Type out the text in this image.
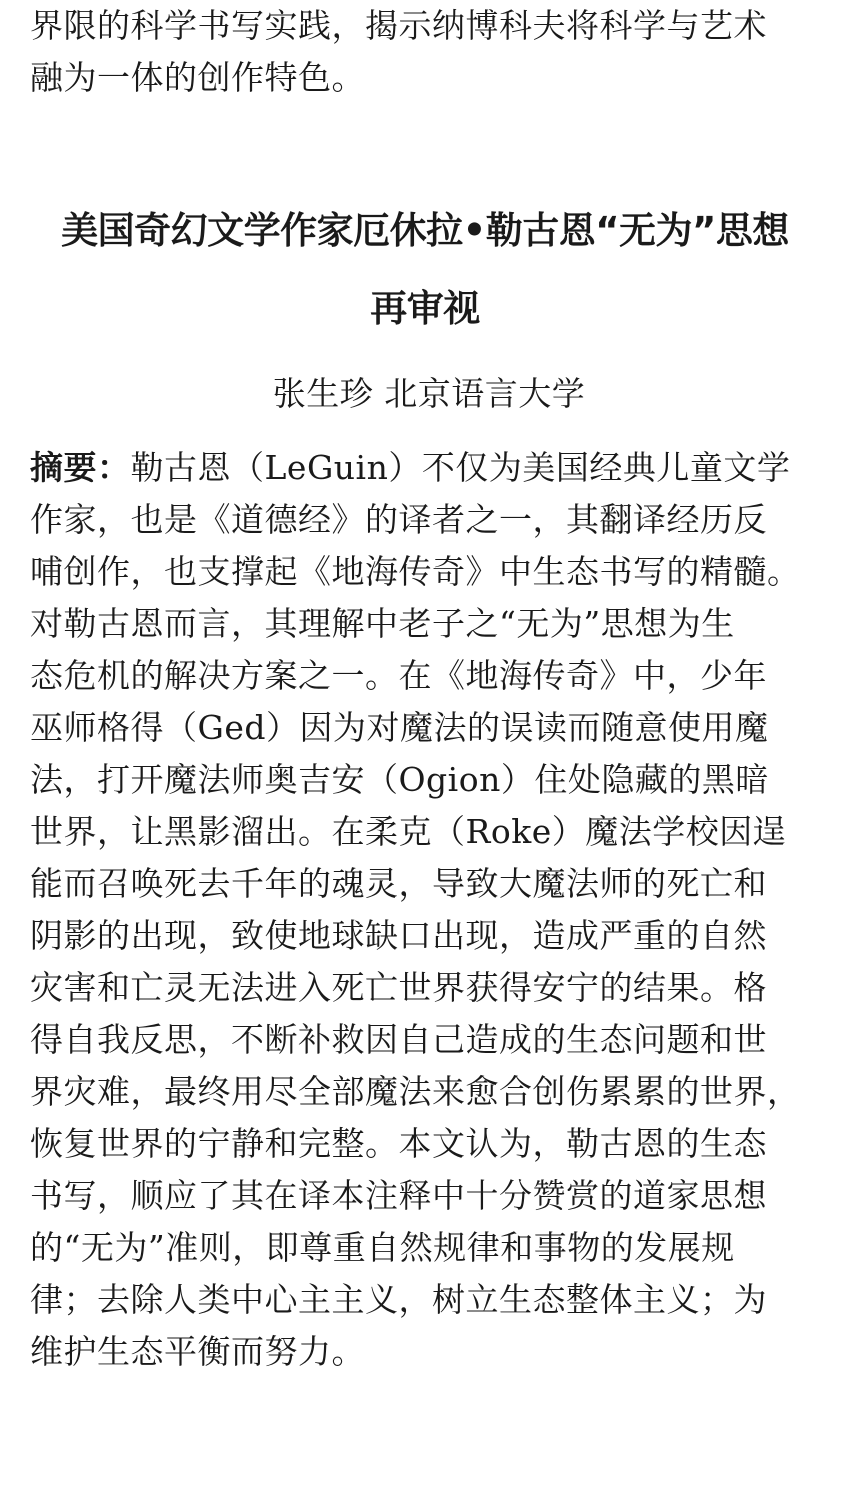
界限的科学书写实践，揭示纳博科夫将科学与艺术
融为一体的创作特色。
美国奇幻文学作家厄休拉•勒古恩“无为”思想
再审视

张生珍 北京语言大学

摘要：勒古恩（LeGuin）不仅为美国经典儿童文学
作家，也是《道德经》的译者之一，其翻译经历反
哺创作，也支撑起《地海传奇》中生态书写的精髓。
对勒古恩而言，其理解中老子之“无为”思想为生
态危机的解决方案之一。在《地海传奇》中，少年
巫师格得（Ged）因为对魔法的误读而随意使用魔
法，打开魔法师奥吉安（Ogion）住处隐藏的黑暗
世界，让黑影溜出。在柔克（Roke）魔法学校因逞
能而召唤死去千年的魂灵，导致大魔法师的死亡和
阴影的出现，致使地球缺口出现，造成严重的自然
灾害和亡灵无法进入死亡世界获得安宁的结果。格
得自我反思，不断补救因自己造成的生态问题和世
界灾难，最终用尽全部魔法来愈合创伤累累的世界，
恢复世界的宁静和完整。本文认为，勒古恩的生态
书写，顺应了其在译本注释中十分赞赏的道家思想
的“无为”准则，即尊重自然规律和事物的发展规
律；去除人类中心主主义，树立生态整体主义；为
维护生态平衡而努力。
